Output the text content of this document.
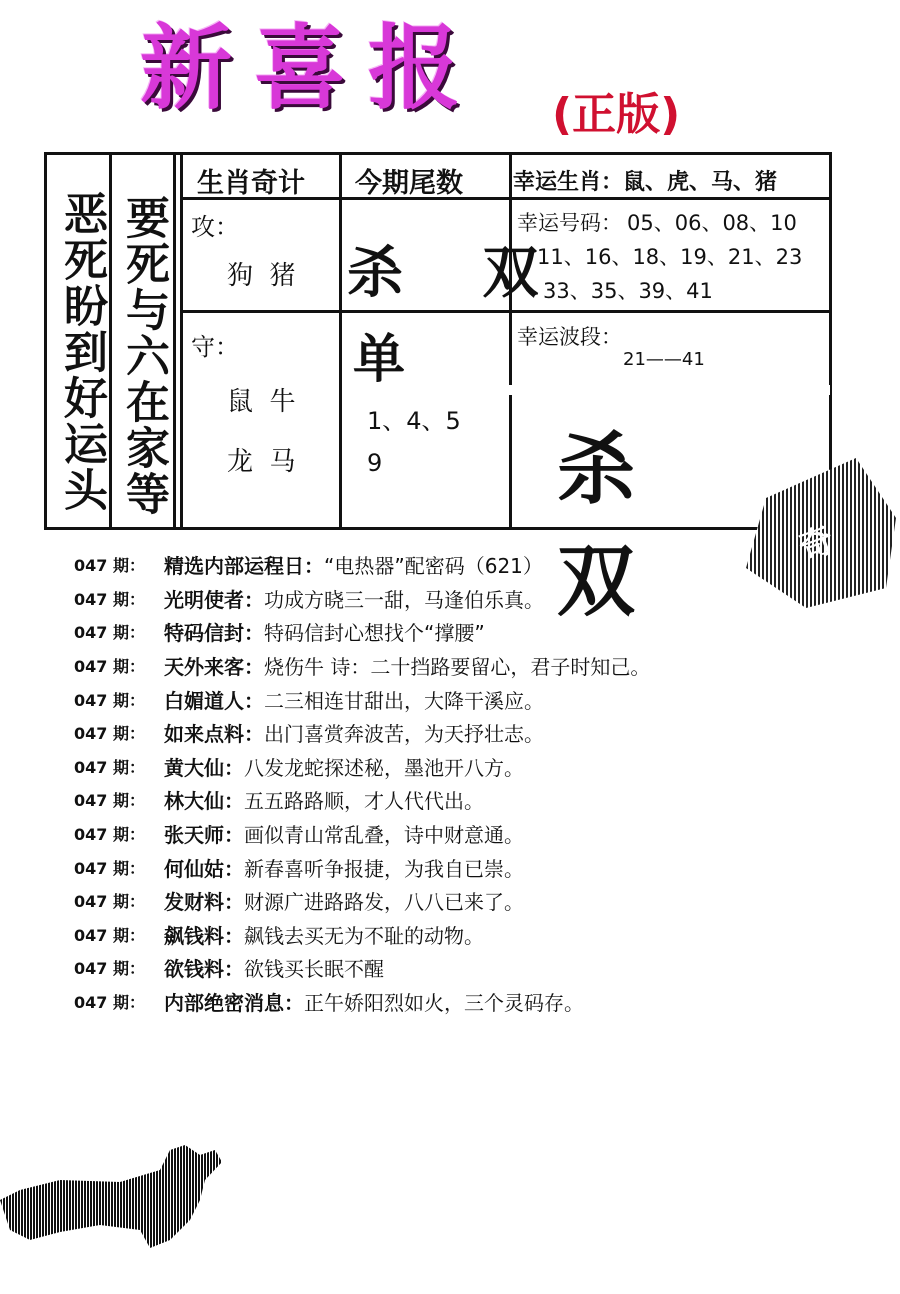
新喜报 (正版)
恶死盼到好运头 要死与六在家等
生肖奇计 今期尾数 幸运生肖：鼠、虎、马、猪
攻：
狗  猪 杀 双
幸运号码： 05、06、08、10
11、16、18、19、21、23
33、35、39、41
守：
鼠  牛
龙  马
单
1、4、5
9
幸运波段：
21——41
杀 双	奇
047 期： 精选内部运程日： “电热器”配密码（621）
047 期： 光明使者： 功成方晓三一甜，马逢伯乐真。
047 期： 特码信封： 特码信封心想找个“撑腰”
047 期： 天外来客： 烧伤牛 诗：二十挡路要留心，君子时知己。
047 期： 白媚道人： 二三相连甘甜出，大降干溪应。
047 期： 如来点料： 出门喜赏奔波苦，为天抒壮志。
047 期： 黄大仙： 八发龙蛇探述秘，墨池开八方。
047 期： 林大仙： 五五路路顺，才人代代出。
047 期： 张天师： 画似青山常乱叠，诗中财意通。
047 期： 何仙姑： 新春喜听争报捷，为我自已崇。
047 期： 发财料： 财源广进路路发，八八已来了。
047 期： 飙钱料： 飙钱去买无为不耻的动物。
047 期： 欲钱料： 欲钱买长眠不醒
047 期： 内部绝密消息： 正午娇阳烈如火，三个灵码存。
